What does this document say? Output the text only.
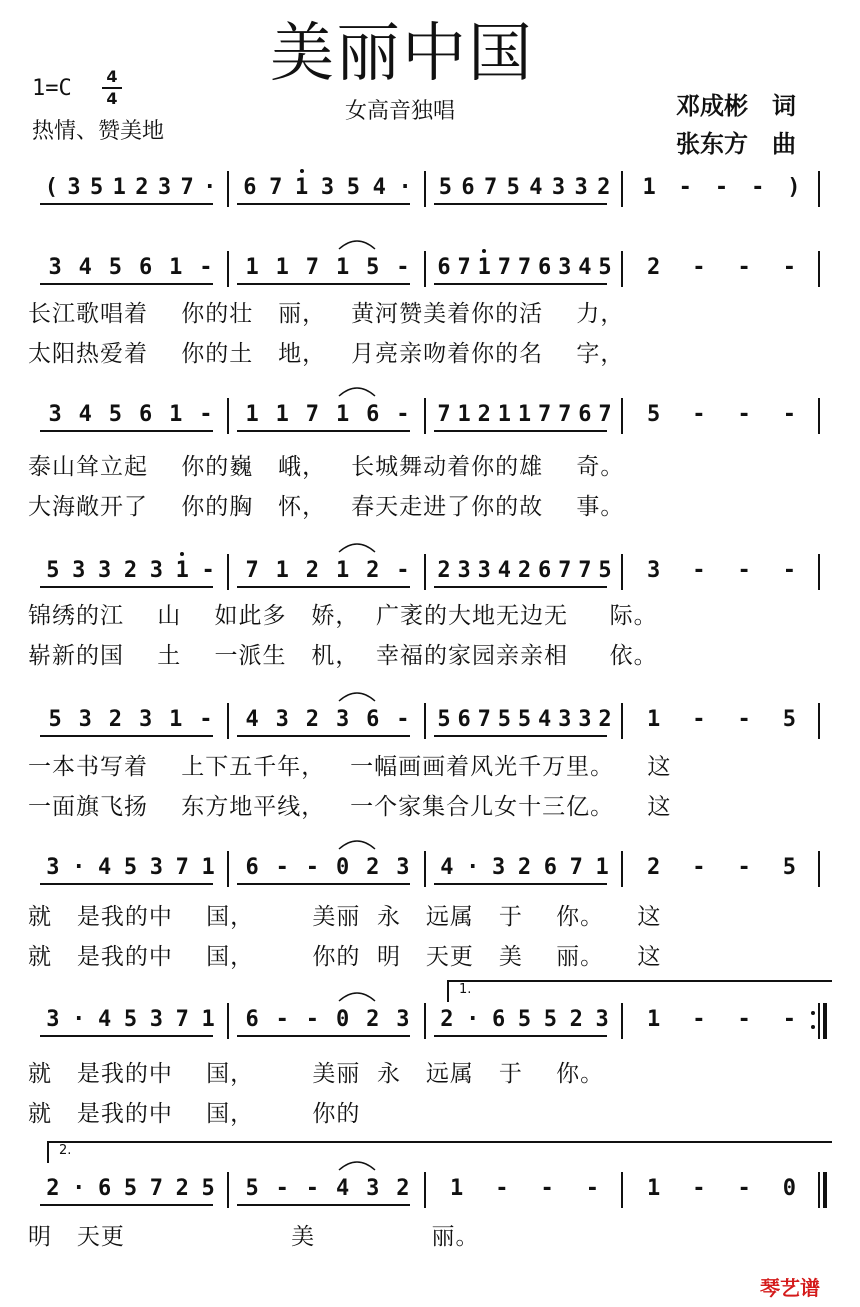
美丽中国
1=C 4
4
热情、赞美地
女高音独唱	邓成彬　词
张东方　曲
( 3 5 1 2 3 7 · 6 7 1 3 5 4 · 5 6 7 5 4 3 3 2 1 - - - )
3 4 5 6 1 - 1 1 7 1 5 - 6 7 1 7 7 6 3 4 5 2 - - -
长江歌唱着    你的壮   丽，   黄河赞美着你的活    力，
太阳热爱着    你的土   地，   月亮亲吻着你的名    字，
3 4 5 6 1 - 1 1 7 1 6 - 7 1 2 1 1 7 7 6 7 5 - - -
泰山耸立起    你的巍   峨，   长城舞动着你的雄    奇。
大海敞开了    你的胸   怀，   春天走进了你的故    事。
5 3 3 2 3 1 - 7 1 2 1 2 - 2 3 3 4 2 6 7 7 5 3 - - -
锦绣的江    山    如此多   娇，  广袤的大地无边无     际。
崭新的国    土    一派生   机，  幸福的家园亲亲相     依。
5 3 2 3 1 - 4 3 2 3 6 - 5 6 7 5 5 4 3 3 2 1 - - 5
一本书写着    上下五千年，   一幅画画着风光千万里。    这
一面旗飞扬    东方地平线，   一个家集合儿女十三亿。    这
3 · 4 5 3 7 1 6 - - 0 2 3 4 · 3 2 6 7 1 2 - - 5
就   是我的中    国，       美丽  永   远属   于    你。    这
就   是我的中    国，       你的  明   天更   美    丽。    这
3 · 4 5 3 7 1 6 - - 0 2 3 2 · 6 5 5 2 3 1 - - -
就   是我的中    国，       美丽  永   远属   于    你。
就   是我的中    国，       你的
2 · 6 5 7 2 5 5 - - 4 3 2 1 - - - 1 - - 0
明   天更                    美              丽。
1.
2.
琴艺谱
